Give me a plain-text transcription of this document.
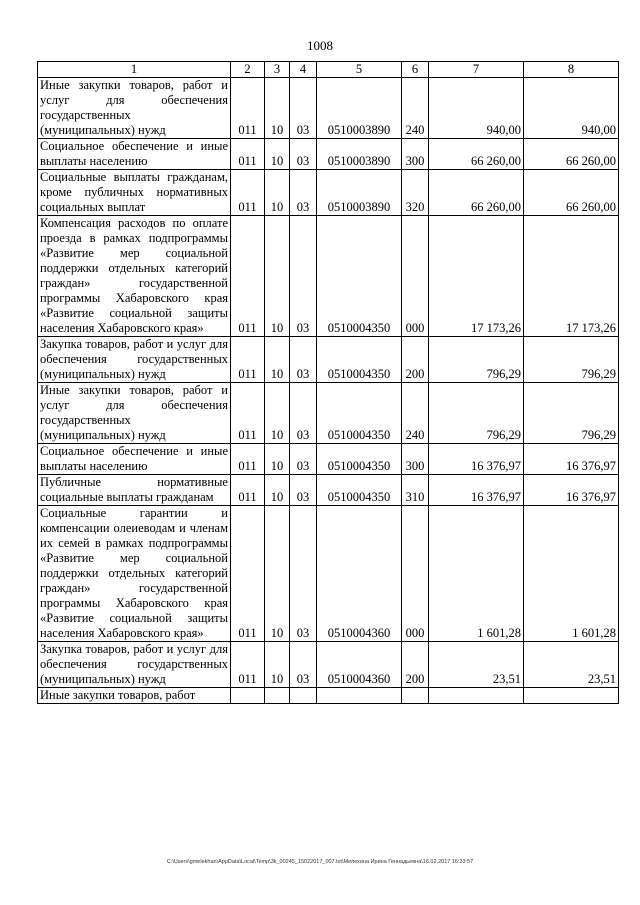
1008
1	2	3	4	5	6	7	8
Иные закупки товаров, работ и услуг для обеспечения государственных (муниципальных) нужд	011	10	03	0510003890	240	940,00	940,00
Социальное обеспечение и иные выплаты населению	011	10	03	0510003890	300	66 260,00	66 260,00
Социальные выплаты гражданам, кроме публичных нормативных социальных выплат	011	10	03	0510003890	320	66 260,00	66 260,00
Компенсация расходов по оплате проезда в рамках подпрограммы «Развитие мер социальной поддержки отдельных категорий граждан» государственной программы Хабаровского края «Развитие социальной защиты населения Хабаровского края»	011	10	03	0510004350	000	17 173,26	17 173,26
Закупка товаров, работ и услуг для обеспечения государственных (муниципальных) нужд	011	10	03	0510004350	200	796,29	796,29
Иные закупки товаров, работ и услуг для обеспечения государственных (муниципальных) нужд	011	10	03	0510004350	240	796,29	796,29
Социальное обеспечение и иные выплаты населению	011	10	03	0510004350	300	16 376,97	16 376,97
Публичные нормативные социальные выплаты гражданам	011	10	03	0510004350	310	16 376,97	16 376,97
Социальные гарантии и компенсации олеиеводам и членам их семей в рамках подпрограммы «Развитие мер социальной поддержки отдельных категорий граждан» государственной программы Хабаровского края «Развитие социальной защиты населения Хабаровского края»	011	10	03	0510004360	000	1 601,28	1 601,28
Закупка товаров, работ и услуг для обеспечения государственных (муниципальных) нужд	011	10	03	0510004360	200	23,51	23,51
Иные закупки товаров, работ							
C:\Users\gmelekhan\AppData\Local\Temp\3k_00245_15022017_007.txt\Мелехина Ирина Геннадьевна\16.02.2017 16:33:57
